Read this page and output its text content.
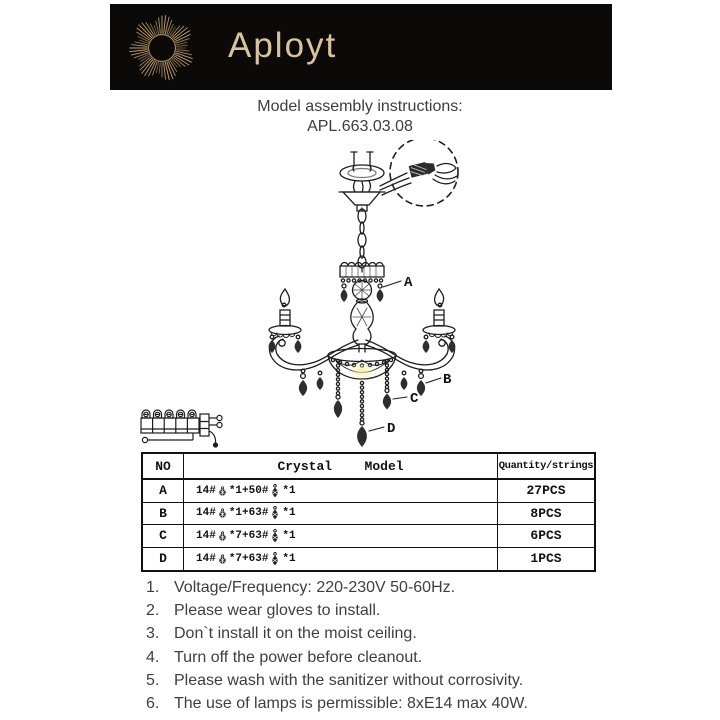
Aployt
Model assembly instructions:
APL.663.03.08
A
B
C
D
NO	Crystal Model	Quantity/strings
A	14# *1+50# *1	27PCS
B	14# *1+63# *1	8PCS
C	14# *7+63# *1	6PCS
D	14# *7+63# *1	1PCS
1. Voltage/Frequency: 220-230V 50-60Hz.
2. Please wear gloves to install.
3. Don`t install it on the moist ceiling.
4. Turn off the power before cleanout.
5. Please wash with the sanitizer without corrosivity.
6. The use of lamps is permissible: 8xE14 max 40W.
